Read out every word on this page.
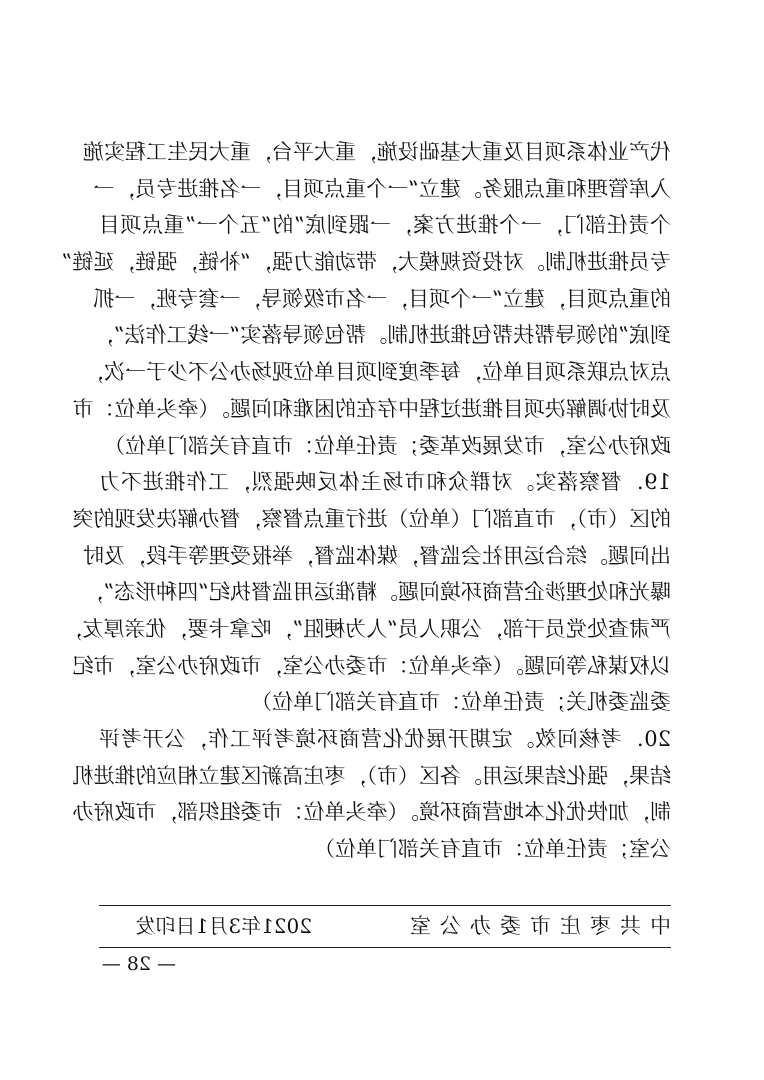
代产业体系项目及重大基础设施，重大平台，重大民生工程实施
入库管理和重点服务。建立“一个重点项目，一名推进专员，一
个责任部门，一个推进方案，一跟到底”的“五个一”重点项目
专员推进机制。对投资规模大，带动能力强，“补链，强链，延链”
的重点项目，建立“一个项目，一名市级领导，一套专班，一抓
到底”的领导帮扶帮包推进机制。帮包领导落实“一线工作法”，
点对点联系项目单位，每季度到项目单位现场办公不少于一次，
及时协调解决项目推进过程中存在的困难和问题。（牵头单位：市
政府办公室，市发展改革委；责任单位：市直有关部门单位）
19．督察落实。对群众和市场主体反映强烈，工作推进不力
的区（市），市直部门（单位）进行重点督察，督办解决发现的突
出问题。综合运用社会监督，媒体监督，举报受理等手段，及时
曝光和处理涉企营商环境问题。精准运用监督执纪“四种形态”，
严肃查处党员干部，公职人员“人为梗阻”，吃拿卡要，优亲厚友，
以权谋私等问题。（牵头单位：市委办公室，市政府办公室，市纪
委监委机关；责任单位：市直有关部门单位）
20．考核问效。定期开展优化营商环境考评工作，公开考评
结果，强化结果运用。各区（市），枣庄高新区建立相应的推进机
制，加快优化本地营商环境。（牵头单位：市委组织部，市政府办
公室；责任单位：市直有关部门单位）
中共枣庄市委办公室
2021年3月1日印发
— 28 —
